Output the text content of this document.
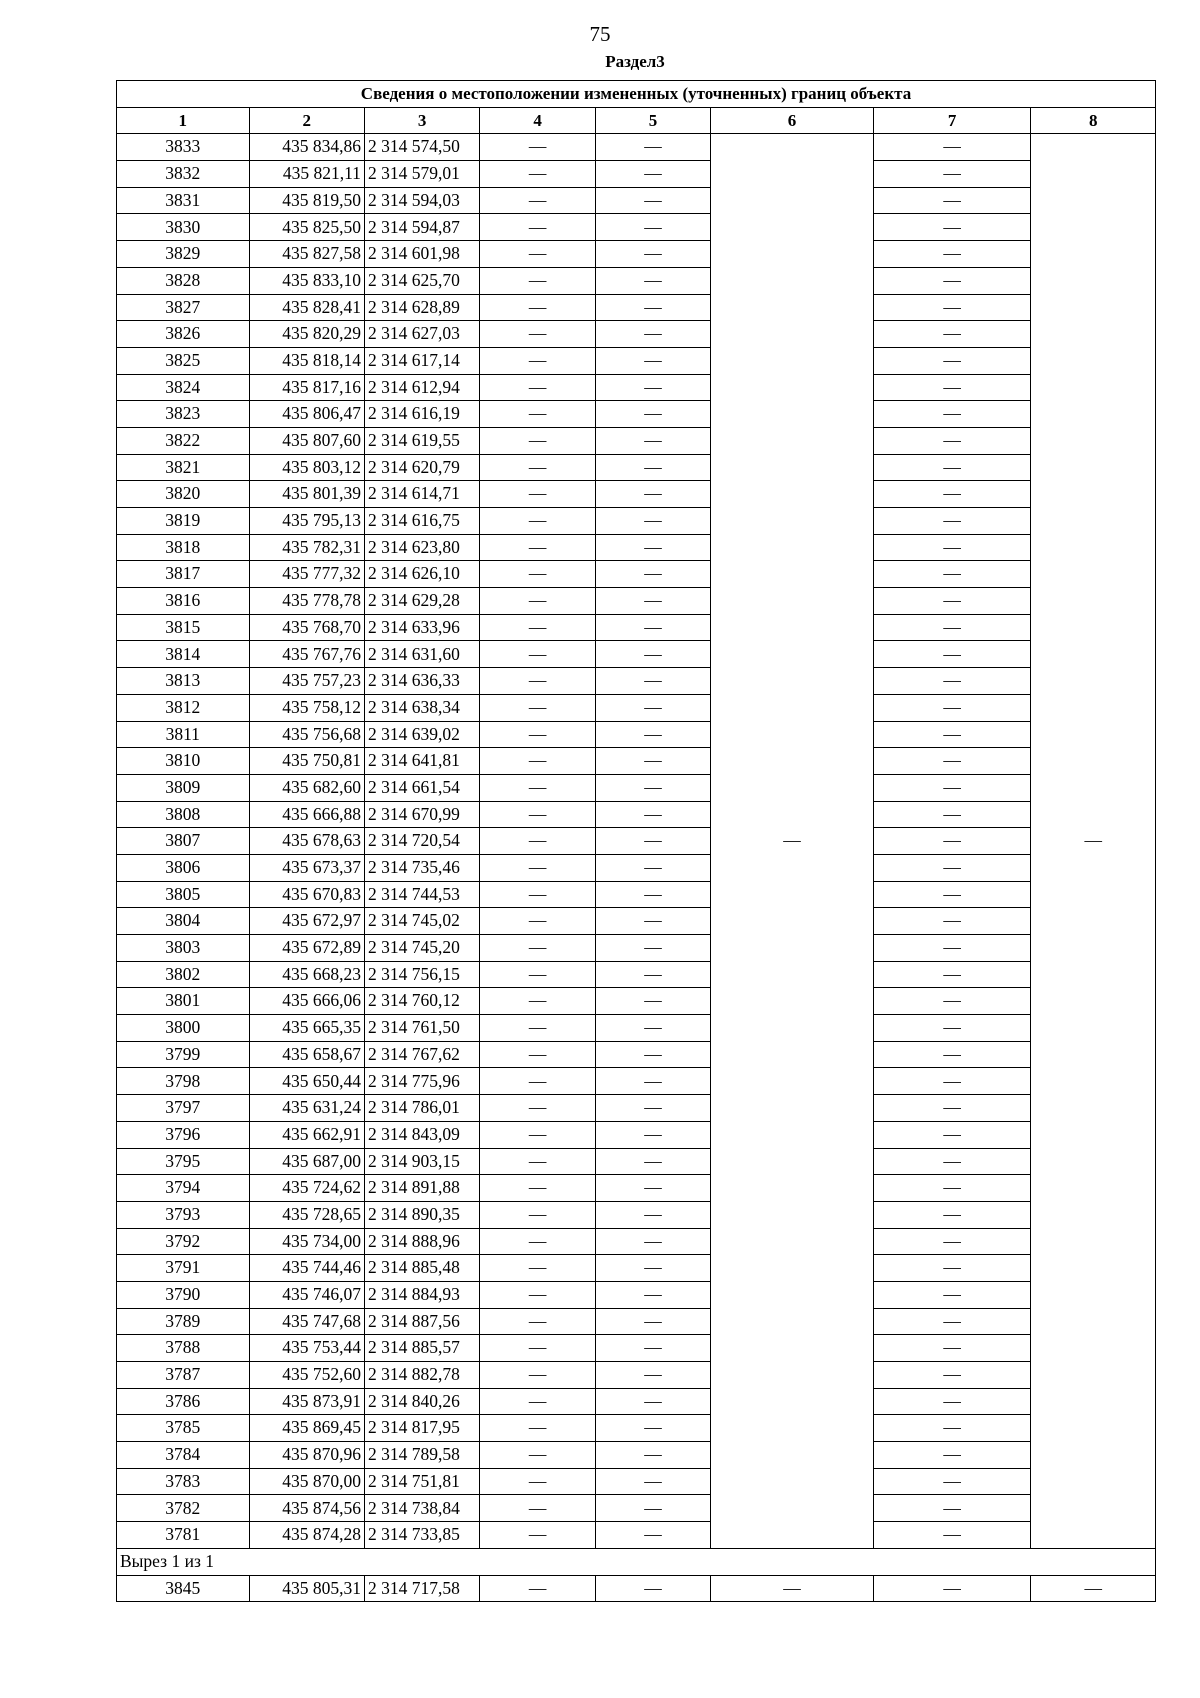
75
Раздел3
Сведения о местоположении измененных (уточненных) границ объекта							
1	2	3	4	5	6	7	8
3833	435 834,86	2 314 574,50	—	—	—	—	—
3832	435 821,11	2 314 579,01	—	—		—	
3831	435 819,50	2 314 594,03	—	—		—	
3830	435 825,50	2 314 594,87	—	—		—	
3829	435 827,58	2 314 601,98	—	—		—	
3828	435 833,10	2 314 625,70	—	—		—	
3827	435 828,41	2 314 628,89	—	—		—	
3826	435 820,29	2 314 627,03	—	—		—	
3825	435 818,14	2 314 617,14	—	—		—	
3824	435 817,16	2 314 612,94	—	—		—	
3823	435 806,47	2 314 616,19	—	—		—	
3822	435 807,60	2 314 619,55	—	—		—	
3821	435 803,12	2 314 620,79	—	—		—	
3820	435 801,39	2 314 614,71	—	—		—	
3819	435 795,13	2 314 616,75	—	—		—	
3818	435 782,31	2 314 623,80	—	—		—	
3817	435 777,32	2 314 626,10	—	—		—	
3816	435 778,78	2 314 629,28	—	—		—	
3815	435 768,70	2 314 633,96	—	—		—	
3814	435 767,76	2 314 631,60	—	—		—	
3813	435 757,23	2 314 636,33	—	—		—	
3812	435 758,12	2 314 638,34	—	—		—	
3811	435 756,68	2 314 639,02	—	—		—	
3810	435 750,81	2 314 641,81	—	—		—	
3809	435 682,60	2 314 661,54	—	—		—	
3808	435 666,88	2 314 670,99	—	—		—	
3807	435 678,63	2 314 720,54	—	—		—	
3806	435 673,37	2 314 735,46	—	—		—	
3805	435 670,83	2 314 744,53	—	—		—	
3804	435 672,97	2 314 745,02	—	—		—	
3803	435 672,89	2 314 745,20	—	—		—	
3802	435 668,23	2 314 756,15	—	—		—	
3801	435 666,06	2 314 760,12	—	—		—	
3800	435 665,35	2 314 761,50	—	—		—	
3799	435 658,67	2 314 767,62	—	—		—	
3798	435 650,44	2 314 775,96	—	—		—	
3797	435 631,24	2 314 786,01	—	—		—	
3796	435 662,91	2 314 843,09	—	—		—	
3795	435 687,00	2 314 903,15	—	—		—	
3794	435 724,62	2 314 891,88	—	—		—	
3793	435 728,65	2 314 890,35	—	—		—	
3792	435 734,00	2 314 888,96	—	—		—	
3791	435 744,46	2 314 885,48	—	—		—	
3790	435 746,07	2 314 884,93	—	—		—	
3789	435 747,68	2 314 887,56	—	—		—	
3788	435 753,44	2 314 885,57	—	—		—	
3787	435 752,60	2 314 882,78	—	—		—	
3786	435 873,91	2 314 840,26	—	—		—	
3785	435 869,45	2 314 817,95	—	—		—	
3784	435 870,96	2 314 789,58	—	—		—	
3783	435 870,00	2 314 751,81	—	—		—	
3782	435 874,56	2 314 738,84	—	—		—	
3781	435 874,28	2 314 733,85	—	—		—	
Вырез 1 из 1							
3845	435 805,31	2 314 717,58	—	—	—	—	—
